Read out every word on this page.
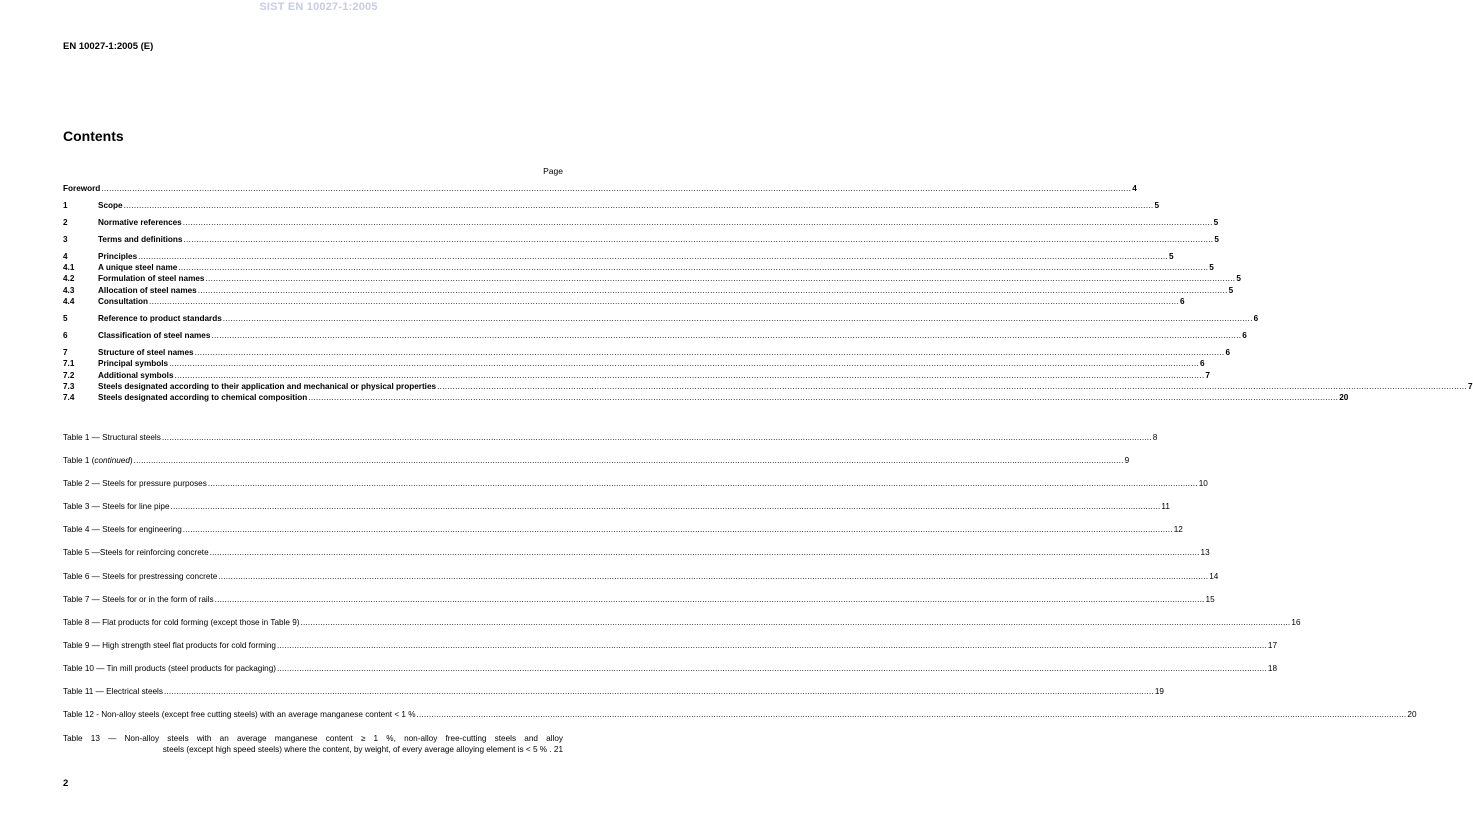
SIST EN 10027-1:2005
EN 10027-1:2005 (E)
Contents
Page
Foreword ................................................................................................................................................................................................................................................................................................................................................................................................................ 4
1	Scope ................................................................................................................................................................................................................................................................................................................................................................................................................ 5
2	Normative references ................................................................................................................................................................................................................................................................................................................................................................................................................ 5
3	Terms and definitions ................................................................................................................................................................................................................................................................................................................................................................................................................ 5
4	Principles ................................................................................................................................................................................................................................................................................................................................................................................................................ 5
4.1	A unique steel name ................................................................................................................................................................................................................................................................................................................................................................................................................ 5
4.2	Formulation of steel names ................................................................................................................................................................................................................................................................................................................................................................................................................ 5
4.3	Allocation of steel names ................................................................................................................................................................................................................................................................................................................................................................................................................ 5
4.4	Consultation ................................................................................................................................................................................................................................................................................................................................................................................................................ 6
5	Reference to product standards ................................................................................................................................................................................................................................................................................................................................................................................................................ 6
6	Classification of steel names ................................................................................................................................................................................................................................................................................................................................................................................................................ 6
7	Structure of steel names ................................................................................................................................................................................................................................................................................................................................................................................................................ 6
7.1	Principal symbols ................................................................................................................................................................................................................................................................................................................................................................................................................ 6
7.2	Additional symbols ................................................................................................................................................................................................................................................................................................................................................................................................................ 7
7.3	Steels designated according to their application and mechanical or physical properties ................................................................................................................................................................................................................................................................................................................................................................................................................ 7
7.4	Steels designated according to chemical composition ................................................................................................................................................................................................................................................................................................................................................................................................................ 20
Table 1 — Structural steels ................................................................................................................................................................................................................................................................................................................................................................................................................ 8
Table 1 (continued) ................................................................................................................................................................................................................................................................................................................................................................................................................ 9
Table 2 — Steels for pressure purposes ................................................................................................................................................................................................................................................................................................................................................................................................................ 10
Table 3 — Steels for line pipe ................................................................................................................................................................................................................................................................................................................................................................................................................ 11
Table 4 — Steels for engineering ................................................................................................................................................................................................................................................................................................................................................................................................................ 12
Table 5 —Steels for reinforcing concrete ................................................................................................................................................................................................................................................................................................................................................................................................................ 13
Table 6 — Steels for prestressing concrete ................................................................................................................................................................................................................................................................................................................................................................................................................ 14
Table 7 — Steels for or in the form of rails ................................................................................................................................................................................................................................................................................................................................................................................................................ 15
Table 8 — Flat products for cold forming (except those in Table 9) ................................................................................................................................................................................................................................................................................................................................................................................................................ 16
Table 9 — High strength steel flat products for cold forming ................................................................................................................................................................................................................................................................................................................................................................................................................ 17
Table 10 — Tin mill products (steel products for packaging) ................................................................................................................................................................................................................................................................................................................................................................................................................ 18
Table 11 — Electrical steels ................................................................................................................................................................................................................................................................................................................................................................................................................ 19
Table 12 - Non-alloy steels (except free cutting steels) with an average manganese content < 1 % ................................................................................................................................................................................................................................................................................................................................................................................................................ 20
Table 13 — Non-alloy steels with an average manganese content ≥ 1 %, non-alloy free-cutting steels and alloy
steels (except high speed steels) where the content, by weight, of every average alloying element is < 5 % . 21
2
